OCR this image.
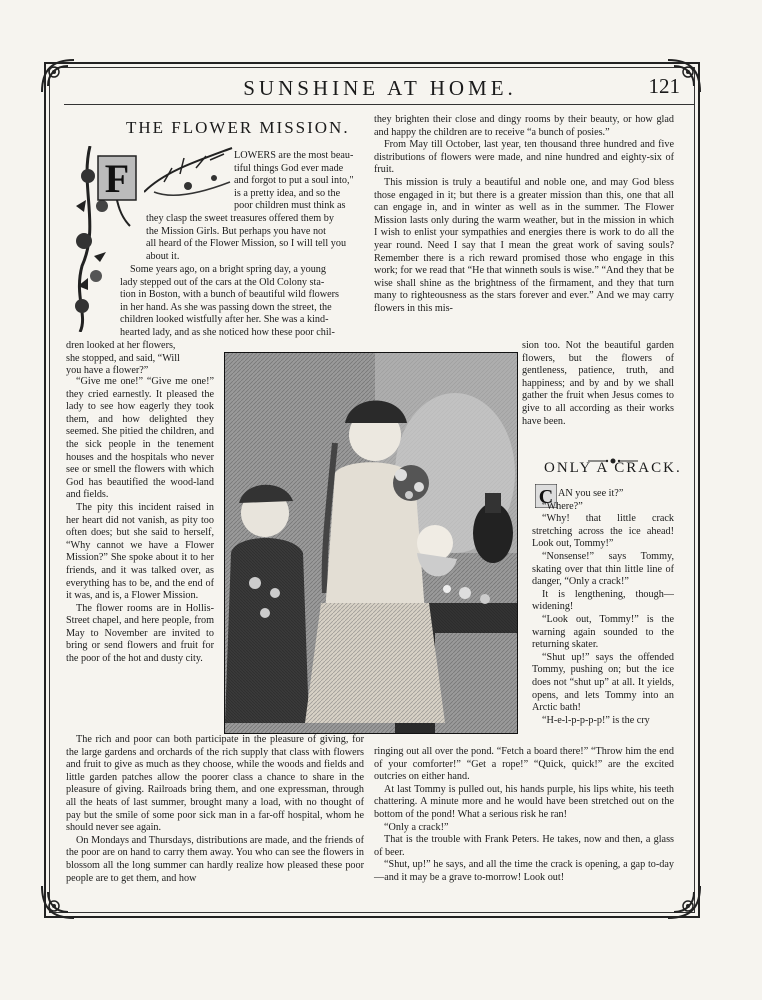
SUNSHINE AT HOME.	121
THE FLOWER MISSION.
F
LOWERS are the most beau-
tiful things God ever made
and forgot to put a soul into,"
is a pretty idea, and so the
poor children must think as
they clasp the sweet treasures offered them by
the Mission Girls. But perhaps you have not
all heard of the Flower Mission, so I will tell you
about it.
Some years ago, on a bright spring day, a young
lady stepped out of the cars at the Old Colony sta-
tion in Boston, with a bunch of beautiful wild flowers
in her hand. As she was passing down the street, the
children looked wistfully after her. She was a kind-
hearted lady, and as she noticed how these poor chil-
dren looked at her flowers,
she stopped, and said, “Will
you have a flower?”

“Give me one!” “Give me one!” they cried earnestly. It pleased the lady to see how eagerly they took them, and how delighted they seemed. She pitied the children, and the sick people in the tenement houses and the hospitals who never see or smell the flowers with which God has beautified the wood-land and fields.

The pity this incident raised in her heart did not vanish, as pity too often does; but she said to herself, “Why cannot we have a Flower Mission?” She spoke about it to her friends, and it was talked over, as everything has to be, and the end of it was, and is, a Flower Mission.

The flower rooms are in Hollis-Street chapel, and here people, from May to November are invited to bring or send flowers and fruit for the poor of the hot and dusty city.

The rich and poor can both participate in the pleasure of giving, for the large gardens and orchards of the rich supply that class with flowers and fruit to give as much as they choose, while the woods and fields and little garden patches allow the poorer class a chance to share in the pleasure of giving. Railroads bring them, and one expressman, through all the heats of last summer, brought many a load, with no thought of pay but the smile of some poor sick man in a far-off hospital, whom he should never see again.

On Mondays and Thursdays, distributions are made, and the friends of the poor are on hand to carry them away. You who can see the flowers in blossom all the long summer can hardly realize how pleased these poor people are to get them, and how

they brighten their close and dingy rooms by their beauty, or how glad and happy the children are to receive “a bunch of posies.”

From May till October, last year, ten thousand three hundred and five distributions of flowers were made, and nine hundred and eighty-six of fruit.

This mission is truly a beautiful and noble one, and may God bless those engaged in it; but there is a greater mission than this, one that all can engage in, and in winter as well as in the summer. The Flower Mission lasts only during the warm weather, but in the mission in which I wish to enlist your sympathies and energies there is work to do all the year round. Need I say that I mean the great work of saving souls? Remember there is a rich reward promised those who engage in this work; for we read that “He that winneth souls is wise.” “And they that be wise shall shine as the brightness of the firmament, and they that turn many to righteousness as the stars forever and ever.” And we may carry flowers in this mis-

sion too. Not the beautiful garden flowers, but the flowers of gentleness, patience, truth, and happiness; and by and by we shall gather the fruit when Jesus comes to give to all according as their works have been.

ONLY A CRACK.
C AN you see it?”

“Where?”

“Why! that little crack stretching across the ice ahead! Look out, Tommy!”

“Nonsense!” says Tommy, skating over that thin little line of danger, “Only a crack!”

It is lengthening, though—widening!

“Look out, Tommy!” is the warning again sounded to the returning skater.

“Shut up!” says the offended Tommy, pushing on; but the ice does not “shut up” at all. It yields, opens, and lets Tommy into an Arctic bath!

“H-e-l-p-p-p-p!” is the cry

ringing out all over the pond. “Fetch a board there!” “Throw him the end of your comforter!” “Get a rope!” “Quick, quick!” are the excited outcries on either hand.

At last Tommy is pulled out, his hands purple, his lips white, his teeth chattering. A minute more and he would have been stretched out on the bottom of the pond! What a serious risk he ran!

“Only a crack!”

That is the trouble with Frank Peters. He takes, now and then, a glass of beer.

“Shut, up!” he says, and all the time the crack is opening, a gap to-day—and it may be a grave to-morrow! Look out!
